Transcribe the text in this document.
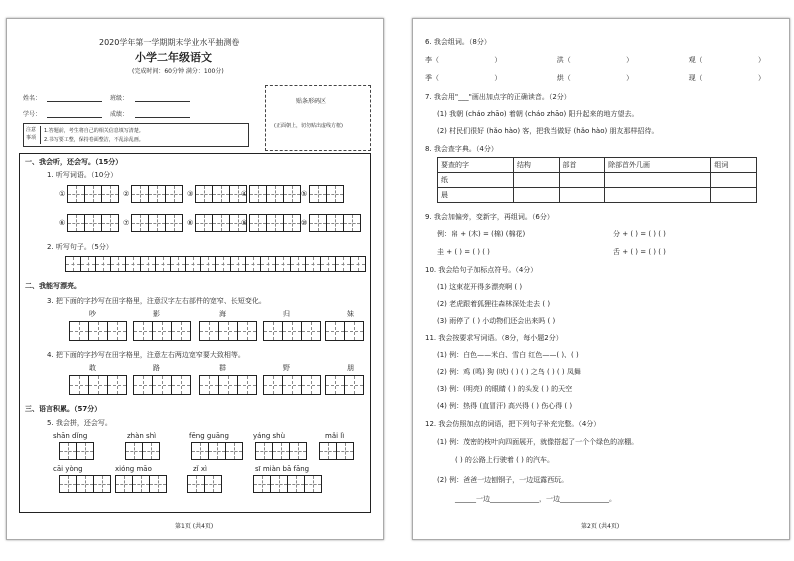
2020学年第一学期期末学业水平抽测卷
小学二年级语文
(完成时间：60分钟 满分：100分)
姓名：	班级：
学号：	成绩：
贴条形码区
(正面朝上，切勿贴出虚线方框)
注意事项
1.答题前，考生将自己的相关信息填写清楚。
2.书写要工整，保持卷面整洁，不乱涂乱画。
一、我会听，还会写。（15分）
1. 听写词语。（10分）
①	②	③	④	⑤
⑥	⑦	⑧	⑨	⑩
2. 听写句子。（5分）
二、我能写漂亮。
3. 把下面的字抄写在田字格里，注意汉字左右部件的宽窄、长短变化。
吵	影	海	归	妹
4. 把下面的字抄写在田字格里，注意左右两边宽窄要大致相等。
敢	路	群	野	朋
三、语言积累。（57分）
5. 我会拼，还会写。
shān dǐng	zhàn shì	fēng guāng	yáng shù	mǎi lì
cāi yòng	xióng māo	zǐ xì	sī miàn bā fāng
第1页 (共4页)
6. 我会组词。（8分）
李（	）	洪（	）	观（	）
季（	）	烘（	）	现（	）
7. 我会用"___"画出加点字的正确读音。（2分）
(1) 我朝 (cháo zhāo) 着朝 (cháo zhāo) 阳升起来的地方望去。
(2) 村民们很好 (hǎo hào) 客，把我当做好 (hǎo hào) 朋友那样招待。
8. 我会查字典。（4分）
要查的字	结构	部首	除部首外几画	组词
纸				
晨				
9. 我会加偏旁，变新字，再组词。（6分）
例：帛 + (木) = (棉) (棉花)	分 + ( ) = ( ) ( )
圭 + ( ) = ( ) ( )	舌 + ( ) = ( ) ( )
10. 我会给句子加标点符号。（4分）
(1) 这束花开得多漂亮啊 ( )
(2) 老虎跟着狐狸往森林深处走去 ( )
(3) 雨停了 ( ) 小动物们还会出来吗 ( )
11. 我会按要求写词语。（8分，每小题2分）
(1) 例：白色——米白、雪白 红色——( )、( )
(2) 例：鸡 (鸣) 狗 (吠) ( ) ( ) 之鸟 ( ) ( ) 凤舞
(3) 例：(明亮) 的眼睛 ( ) 的头发 ( ) 的天空
(4) 例：热得 (直冒汗) 高兴得 ( ) 伤心得 ( )
12. 我会仿照加点的词语，把下列句子补充完整。（4分）
(1) 例：茂密的枝叶向四面展开，就像搭起了一个个绿色的凉棚。
( ) 的公路上行驶着 ( ) 的汽车。
(2) 例：爸爸一边刨钢子，一边逗露西玩。
______一边______________，一边______________。
第2页 (共4页)
